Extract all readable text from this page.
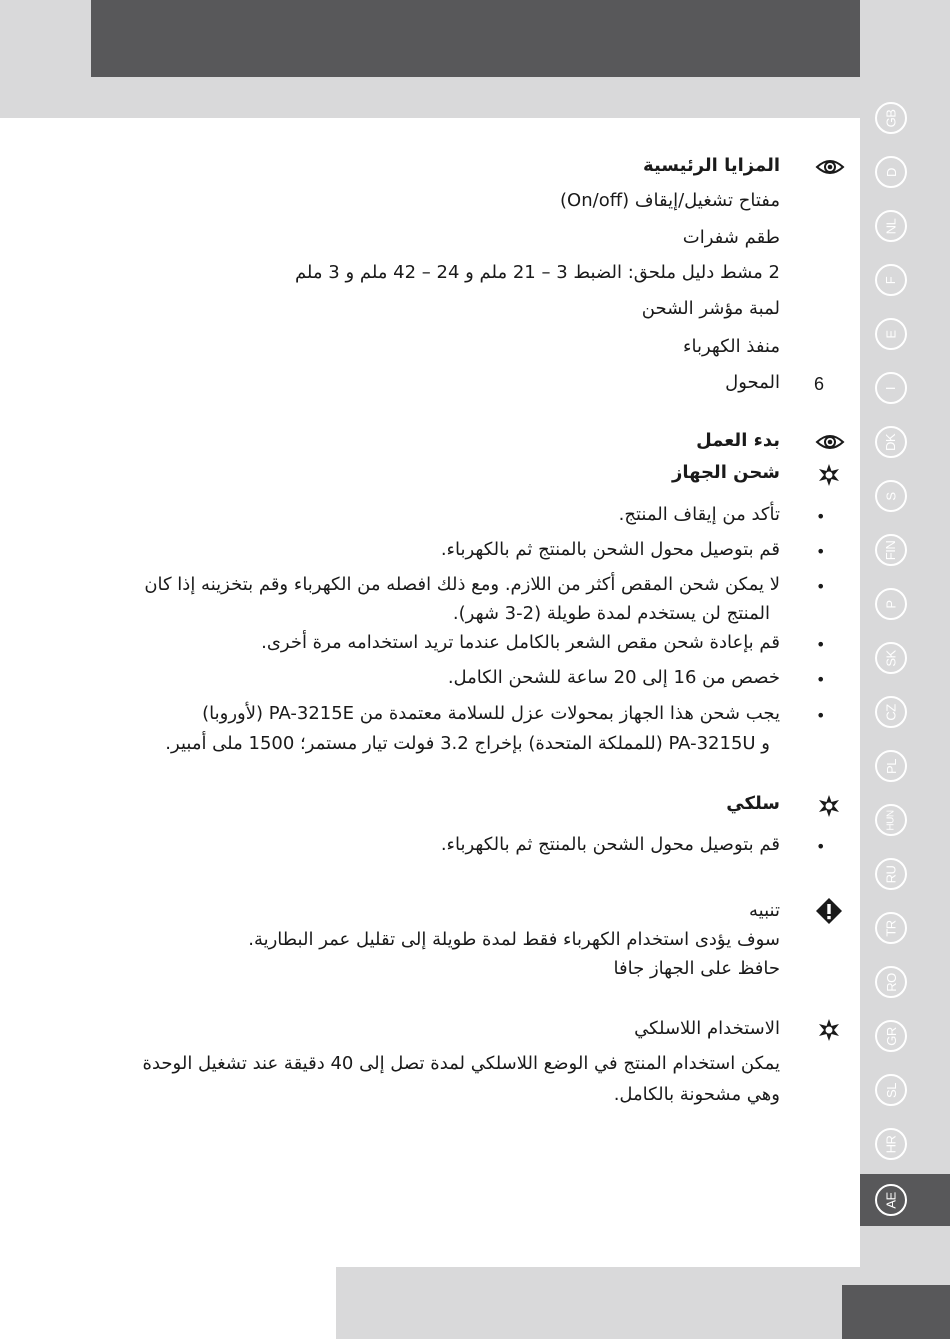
GB
D
NL
F
E
I
DK
S
FIN
P
SK
CZ
PL
HUN
RU
TR
RO
GR
SL
HR
AE
المزايا الرئيسية
مفتاح تشغيل/إيقاف (On/off)
طقم شفرات
2 مشط دليل ملحق: الضبط 3 – 21 ملم و 24 – 42 ملم و 3 ملم
لمبة مؤشر الشحن
منفذ الكهرباء
المحول 6
بدء العمل
شحن الجهاز
•
تأكد من إيقاف المنتج.
•
قم بتوصيل محول الشحن بالمنتج ثم بالكهرباء.
•
لا يمكن شحن المقص أكثر من اللازم. ومع ذلك افصله من الكهرباء وقم بتخزينه إذا كان
المنتج لن يستخدم لمدة طويلة (2-3 شهر).
•
قم بإعادة شحن مقص الشعر بالكامل عندما تريد استخدامه مرة أخرى.
•
خصص من 16 إلى 20 ساعة للشحن الكامل.
•
يجب شحن هذا الجهاز بمحولات عزل للسلامة معتمدة من PA-3215E (لأوروبا)
و PA-3215U (للمملكة المتحدة) بإخراج 3.2 فولت تيار مستمر؛ 1500 ملى أمبير.
سلكي
•
قم بتوصيل محول الشحن بالمنتج ثم بالكهرباء.
تنبيه
سوف يؤدى استخدام الكهرباء فقط لمدة طويلة إلى تقليل عمر البطارية.
حافظ على الجهاز جافا
الاستخدام اللاسلكي
يمكن استخدام المنتج في الوضع اللاسلكي لمدة تصل إلى 40 دقيقة عند تشغيل الوحدة
وهي مشحونة بالكامل.
